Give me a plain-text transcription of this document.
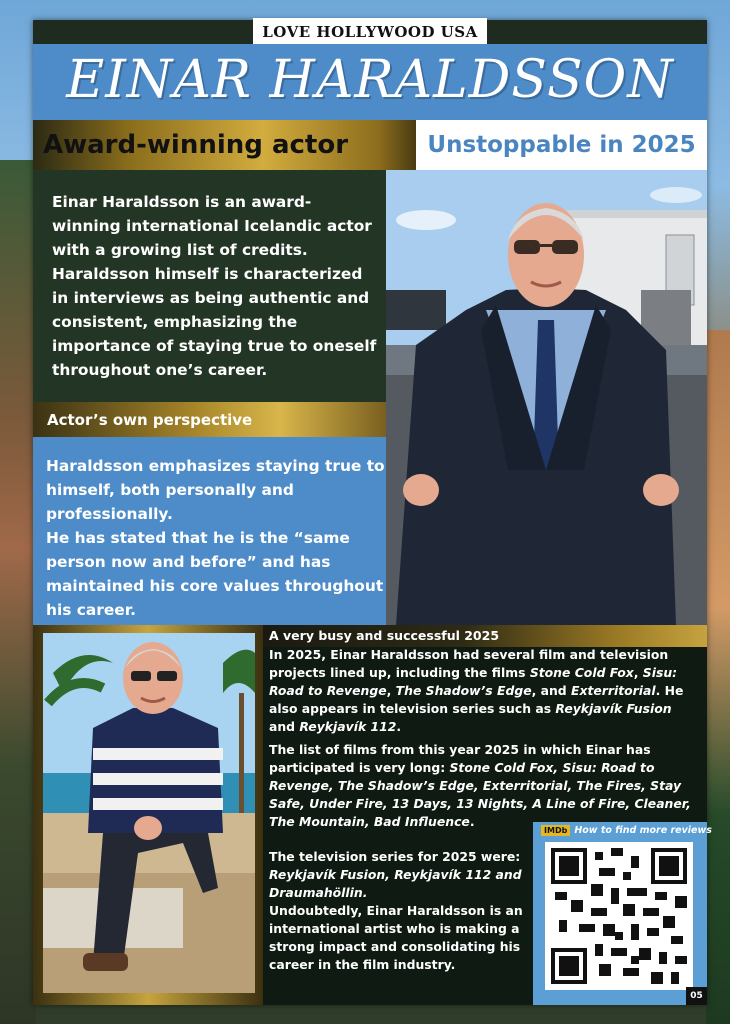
LOVE HOLLYWOOD USA
EINAR HARALDSSON
Award-winning actor	Unstoppable in 2025
Einar Haraldsson is an award-winning international Icelandic actor with a growing list of credits. Haraldsson himself is characterized in interviews as being authentic and consistent, emphasizing the importance of staying true to oneself throughout one’s career.
Actor’s own perspective
Haraldsson emphasizes staying true to himself, both personally and professionally.
He has stated that he is the “same person now and before” and has maintained his core values throughout his career.
A very busy and successful 2025

In 2025, Einar Haraldsson had several film and television projects lined up, including the films Stone Cold Fox, Sisu: Road to Revenge, The Shadow’s Edge, and Exterritorial. He also appears in television series such as Reykjavík Fusion and Reykjavík 112.

The list of films from this year 2025 in which Einar has participated is very long: Stone Cold Fox, Sisu: Road to Revenge, The Shadow’s Edge, Exterritorial, The Fires, Stay Safe, Under Fire, 13 Days, 13 Nights, A Line of Fire, Cleaner, The Mountain, Bad Influence.

The television series for 2025 were:
Reykjavík Fusion, Reykjavík 112 and Draumahöllin.
Undoubtedly, Einar Haraldsson is an international artist who is making a strong impact and consolidating his career in the film industry.
IMDb How to find more reviews
05
